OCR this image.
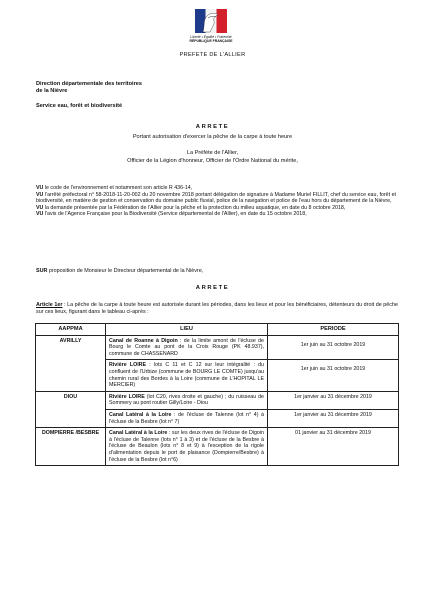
Liberté • Égalité • Fraternité
RÉPUBLIQUE FRANÇAISE
PREFETE DE L'ALLIER
Direction départementale des territoires
de la Nièvre
Service eau, forêt et biodiversité
ARRETE
Portant autorisation d'exercer la pêche de la carpe à toute heure
La Préfète de l'Allier,
Officier de la Légion d'honneur, Officier de l'Ordre National du mérite,

VU le code de l'environnement et notamment son article R 436-14,

VU l'arrêté préfectoral n° 58-2018-11-20-002 du 20 novembre 2018 portant délégation de signature à Madame Muriel FILLIT, chef du service eau, forêt et biodiversité, en matière de gestion et conservation du domaine public fluvial, police de la navigation et police de l'eau hors du département de la Nièvre,

VU la demande présentée par la Fédération de l'Allier pour la pêche et la protection du milieu aquatique, en date du 8 octobre 2018,

VU l'avis de l'Agence Française pour la Biodiversité (Service départemental de l'Allier), en date du 15 octobre 2018,

SUR proposition de Monsieur le Directeur départemental de la Nièvre,
ARRETE
Article 1er : La pêche de la carpe à toute heure est autorisée durant les périodes, dans les lieux et pour les bénéficiaires, détenteurs du droit de pêche sur ces lieux, figurant dans le tableau ci-après :
AAPPMA	LIEU	PERIODE
AVRILLY	Canal de Roanne à Digoin : de la limite amont de l'écluse de Bourg le Comte au pont de la Croix Rouge (PK 48.937), commune de CHASSENARD	1er juin au 31 octobre 2019
	Rivière LOIRE : lots C 11 et C 12 sur leur intégralité : du confluent de l'Urbize (commune de BOURG LE COMTE) jusqu'au chemin rural des Bordes à la Loire (commune de L'HOPITAL LE MERCIER)	1er juin au 31 octobre 2019
DIOU	Rivière LOIRE (lot C20, rives droite et gauche) ; du ruisseau de Sommery au pont routier Gilly/Loire - Diou	1er janvier au 31 décembre 2019
	Canal Latéral à la Loire : de l'écluse de Talenne (lot n° 4) à l'écluse de la Besbre (lot n° 7)	1er janvier au 31 décembre 2019
DOMPIERRE /BESBRE	Canal Latéral à la Loire : sur les deux rives de l'écluse de Digoin à l'écluse de Talenne (lots n° 1 à 3) et de l'écluse de la Besbre à l'écluse de Beaulon (lots n° 8 et 9) à l'exception de la rigole d'alimentation depuis le port de plaisance (Dompierre/Besbre) à l'écluse de la Besbre (lot n°6)	01 janvier au 31 décembre 2019
